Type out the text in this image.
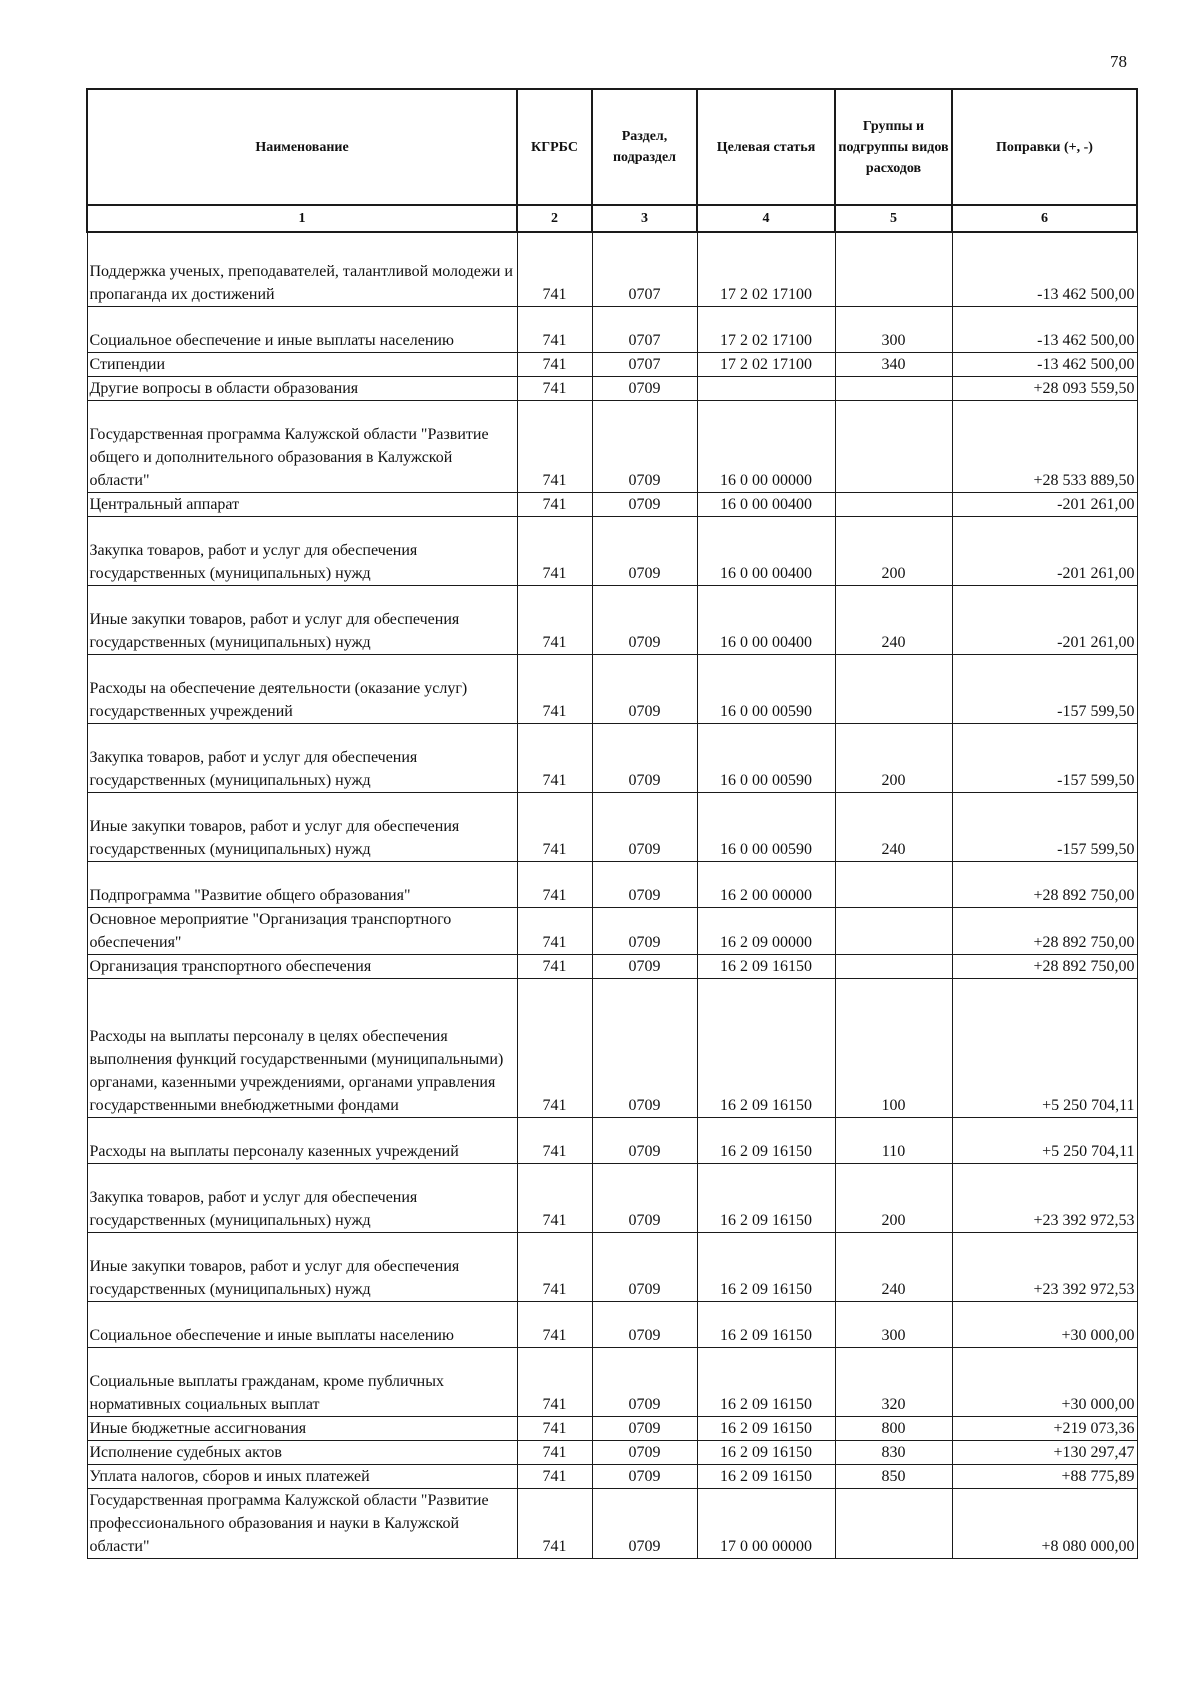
78
Наименование	КГРБС	Раздел, подраздел	Целевая статья	Группы и подгруппы видов расходов	Поправки (+, -)
1	2	3	4	5	6
Поддержка ученых, преподавателей, талантливой молодежи и пропаганда их достижений	741	0707	17 2 02 17100		-13 462 500,00
Социальное обеспечение и иные выплаты населению	741	0707	17 2 02 17100	300	-13 462 500,00
Стипендии	741	0707	17 2 02 17100	340	-13 462 500,00
Другие вопросы в области образования	741	0709			+28 093 559,50
Государственная программа Калужской области "Развитие общего и дополнительного образования в Калужской области"	741	0709	16 0 00 00000		+28 533 889,50
Центральный аппарат	741	0709	16 0 00 00400		-201 261,00
Закупка товаров, работ и услуг для обеспечения государственных (муниципальных) нужд	741	0709	16 0 00 00400	200	-201 261,00
Иные закупки товаров, работ и услуг для обеспечения государственных (муниципальных) нужд	741	0709	16 0 00 00400	240	-201 261,00
Расходы на обеспечение деятельности (оказание услуг) государственных учреждений	741	0709	16 0 00 00590		-157 599,50
Закупка товаров, работ и услуг для обеспечения государственных (муниципальных) нужд	741	0709	16 0 00 00590	200	-157 599,50
Иные закупки товаров, работ и услуг для обеспечения государственных (муниципальных) нужд	741	0709	16 0 00 00590	240	-157 599,50
Подпрограмма "Развитие общего образования"	741	0709	16 2 00 00000		+28 892 750,00
Основное мероприятие "Организация транспортного обеспечения"	741	0709	16 2 09 00000		+28 892 750,00
Организация транспортного обеспечения	741	0709	16 2 09 16150		+28 892 750,00
Расходы на выплаты персоналу в целях обеспечения выполнения функций государственными (муниципальными) органами, казенными учреждениями, органами управления государственными внебюджетными фондами	741	0709	16 2 09 16150	100	+5 250 704,11
Расходы на выплаты персоналу казенных учреждений	741	0709	16 2 09 16150	110	+5 250 704,11
Закупка товаров, работ и услуг для обеспечения государственных (муниципальных) нужд	741	0709	16 2 09 16150	200	+23 392 972,53
Иные закупки товаров, работ и услуг для обеспечения государственных (муниципальных) нужд	741	0709	16 2 09 16150	240	+23 392 972,53
Социальное обеспечение и иные выплаты населению	741	0709	16 2 09 16150	300	+30 000,00
Социальные выплаты гражданам, кроме публичных нормативных социальных выплат	741	0709	16 2 09 16150	320	+30 000,00
Иные бюджетные ассигнования	741	0709	16 2 09 16150	800	+219 073,36
Исполнение судебных актов	741	0709	16 2 09 16150	830	+130 297,47
Уплата налогов, сборов и иных платежей	741	0709	16 2 09 16150	850	+88 775,89
Государственная программа Калужской области "Развитие профессионального образования и науки в Калужской области"	741	0709	17 0 00 00000		+8 080 000,00
